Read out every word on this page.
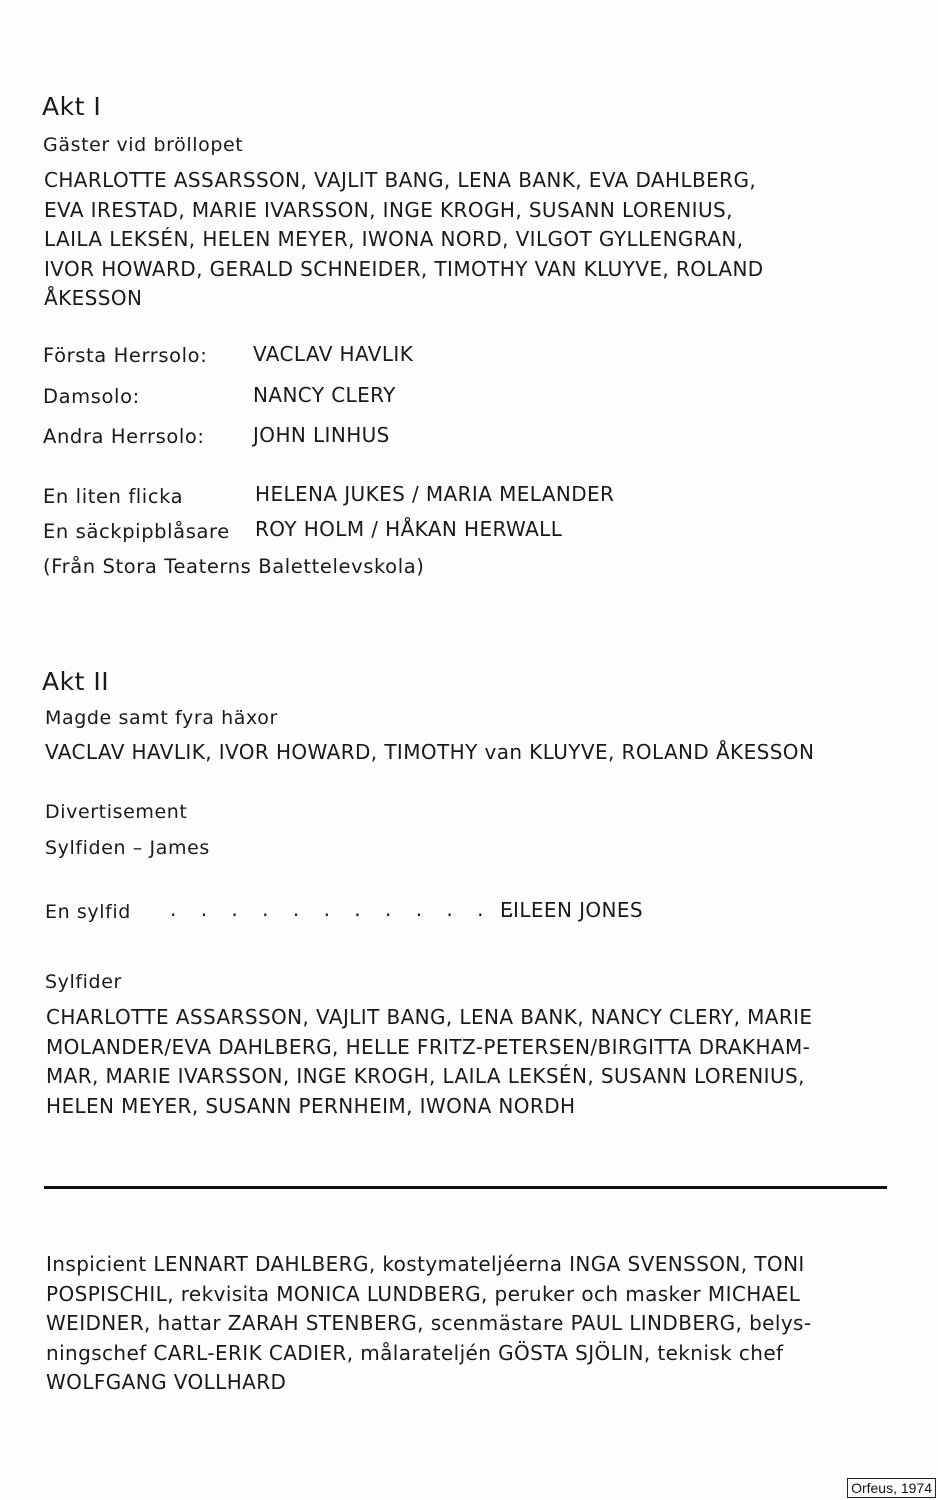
Akt I
Gäster vid bröllopet
CHARLOTTE ASSARSSON, VAJLIT BANG, LENA BANK, EVA DAHLBERG,
EVA IRESTAD, MARIE IVARSSON, INGE KROGH, SUSANN LORENIUS,
LAILA LEKSÉN, HELEN MEYER, IWONA NORD, VILGOT GYLLENGRAN,
IVOR HOWARD, GERALD SCHNEIDER, TIMOTHY VAN KLUYVE, ROLAND
ÅKESSON
Första Herrsolo: VACLAV HAVLIK
Damsolo:	NANCY CLERY
Andra Herrsolo: JOHN LINHUS
En liten flicka	HELENA JUKES / MARIA MELANDER
En säckpipblåsare ROY HOLM / HÅKAN HERWALL
(Från Stora Teaterns Balettelevskola)
Akt II
Magde samt fyra häxor
VACLAV HAVLIK, IVOR HOWARD, TIMOTHY van KLUYVE, ROLAND ÅKESSON
Divertisement
Sylfiden – James
En sylfid . . . . . . . . . . . .
EILEEN JONES
Sylfider
CHARLOTTE ASSARSSON, VAJLIT BANG, LENA BANK, NANCY CLERY, MARIE
MOLANDER/EVA DAHLBERG, HELLE FRITZ-PETERSEN/BIRGITTA DRAKHAM-
MAR, MARIE IVARSSON, INGE KROGH, LAILA LEKSÉN, SUSANN LORENIUS,
HELEN MEYER, SUSANN PERNHEIM, IWONA NORDH
Inspicient LENNART DAHLBERG, kostymateljéerna INGA SVENSSON, TONI
POSPISCHIL, rekvisita MONICA LUNDBERG, peruker och masker MICHAEL
WEIDNER, hattar ZARAH STENBERG, scenmästare PAUL LINDBERG, belys-
ningschef CARL-ERIK CADIER, målarateljén GÖSTA SJÖLIN, teknisk chef
WOLFGANG VOLLHARD
Orfeus, 1974
